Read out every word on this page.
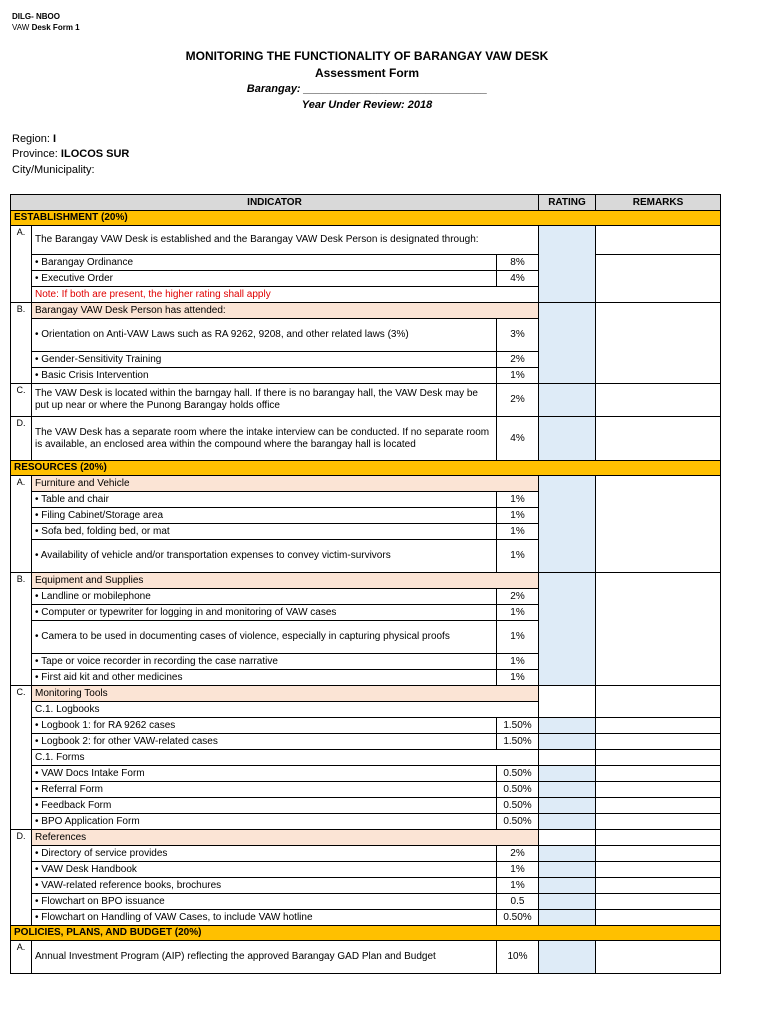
DILG- NBOO
VAW Desk Form 1
MONITORING THE FUNCTIONALITY OF BARANGAY VAW DESK
Assessment Form
Barangay: ______________________________
Year Under Review: 2018
Region: I
Province: ILOCOS SUR
City/Municipality:
INDICATOR			RATING	REMARKS
ESTABLISHMENT (20%)				
A.	The Barangay VAW Desk is established and the Barangay VAW Desk Person is designated through:			
	• Barangay Ordinance	8%		
	• Executive Order	4%		
	Note: If both are present, the higher rating shall apply			
B.	Barangay VAW Desk Person has attended:			
	• Orientation on Anti-VAW Laws such as RA 9262, 9208, and other related laws (3%)	3%		
	• Gender-Sensitivity Training	2%		
	• Basic Crisis Intervention	1%		
C.	The VAW Desk is located within the barngay hall. If there is no barangay hall, the VAW Desk may be put up near or where the Punong Barangay holds office	2%		
D.	The VAW Desk has a separate room where the intake interview can be conducted. If no separate room is available, an enclosed area within the compound where the barangay hall is located	4%		
RESOURCES (20%)				
A.	Furniture and Vehicle			
	• Table and chair	1%		
	• Filing Cabinet/Storage area	1%		
	• Sofa bed, folding bed, or mat	1%		
	• Availability of vehicle and/or transportation expenses to convey victim-survivors	1%		
B.	Equipment and Supplies			
	• Landline or mobilephone	2%		
	• Computer or typewriter for logging in and monitoring of VAW cases	1%		
	• Camera to be used in documenting cases of violence, especially in capturing physical proofs	1%		
	• Tape or voice recorder in recording the case narrative	1%		
	• First aid kit and other medicines	1%		
C.	Monitoring Tools			
	C.1. Logbooks			
	• Logbook 1: for RA 9262 cases	1.50%		
	• Logbook 2: for other VAW-related cases	1.50%		
	C.1. Forms			
	• VAW Docs Intake Form	0.50%		
	• Referral Form	0.50%		
	• Feedback Form	0.50%		
	• BPO Application Form	0.50%		

D.	References			
	• Directory of service provides	2%		
	• VAW Desk Handbook	1%		
	• VAW-related reference books, brochures	1%		
	• Flowchart on BPO issuance	0.5		
	• Flowchart on Handling of VAW Cases, to include VAW hotline	0.50%		
POLICIES, PLANS, AND BUDGET (20%)				
A.	Annual Investment Program (AIP) reflecting the approved Barangay GAD Plan and Budget	10%		
